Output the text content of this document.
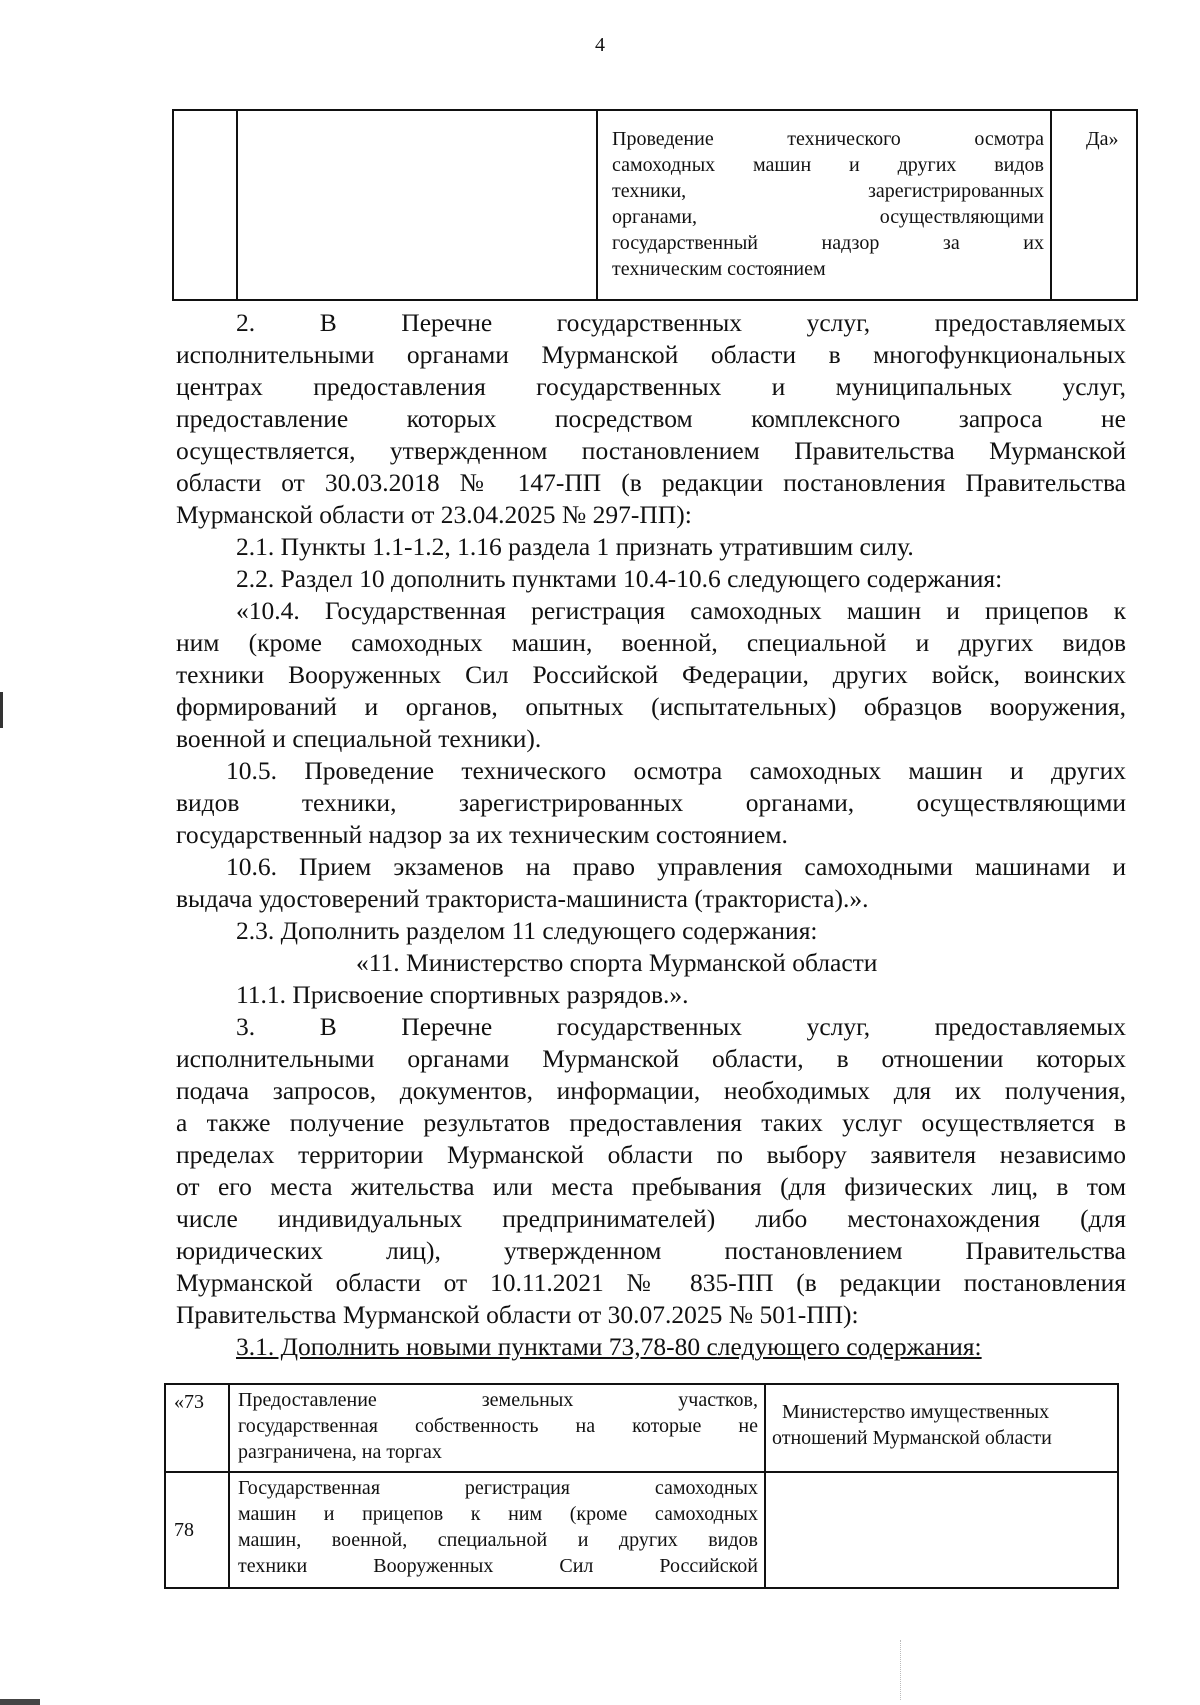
4

Проведение технического осмотра
самоходных машин и других видов
техники, зарегистрированных
органами, осуществляющими
государственный надзор за их
техническим состоянием
	Да»
2. В Перечне государственных услуг, предоставляемых
исполнительными органами Мурманской области в многофункциональных
центрах предоставления государственных и муниципальных услуг,
предоставление которых посредством комплексного запроса не
осуществляется, утвержденном постановлением Правительства Мурманской
области от 30.03.2018 № 147-ПП (в редакции постановления Правительства
Мурманской области от 23.04.2025 № 297-ПП):
2.1. Пункты 1.1-1.2, 1.16 раздела 1 признать утратившим силу.
2.2. Раздел 10 дополнить пунктами 10.4-10.6 следующего содержания:
«10.4. Государственная регистрация самоходных машин и прицепов к
ним (кроме самоходных машин, военной, специальной и других видов
техники Вооруженных Сил Российской Федерации, других войск, воинских
формирований и органов, опытных (испытательных) образцов вооружения,
военной и специальной техники).
10.5. Проведение технического осмотра самоходных машин и других
видов техники, зарегистрированных органами, осуществляющими
государственный надзор за их техническим состоянием.
10.6. Прием экзаменов на право управления самоходными машинами и
выдача удостоверений тракториста-машиниста (тракториста).».
2.3. Дополнить разделом 11 следующего содержания:
«11. Министерство спорта Мурманской области
11.1. Присвоение спортивных разрядов.».
3. В Перечне государственных услуг, предоставляемых
исполнительными органами Мурманской области, в отношении которых
подача запросов, документов, информации, необходимых для их получения,
а также получение результатов предоставления таких услуг осуществляется в
пределах территории Мурманской области по выбору заявителя независимо
от его места жительства или места пребывания (для физических лиц, в том
числе индивидуальных предпринимателей) либо местонахождения (для
юридических лиц), утвержденном постановлением Правительства
Мурманской области от 10.11.2021 № 835-ПП (в редакции постановления
Правительства Мурманской области от 30.07.2025 № 501-ПП):
3.1. Дополнить новыми пунктами 73,78-80 следующего содержания:
«73	Предоставление земельных участков,
государственная собственность на которые не
разграничена, на торгах	Министерство имущественных
отношений Мурманской области

78	Государственная регистрация самоходных
машин и прицепов к ним (кроме самоходных
машин, военной, специальной и других видов
техники Вооруженных Сил Российской	
